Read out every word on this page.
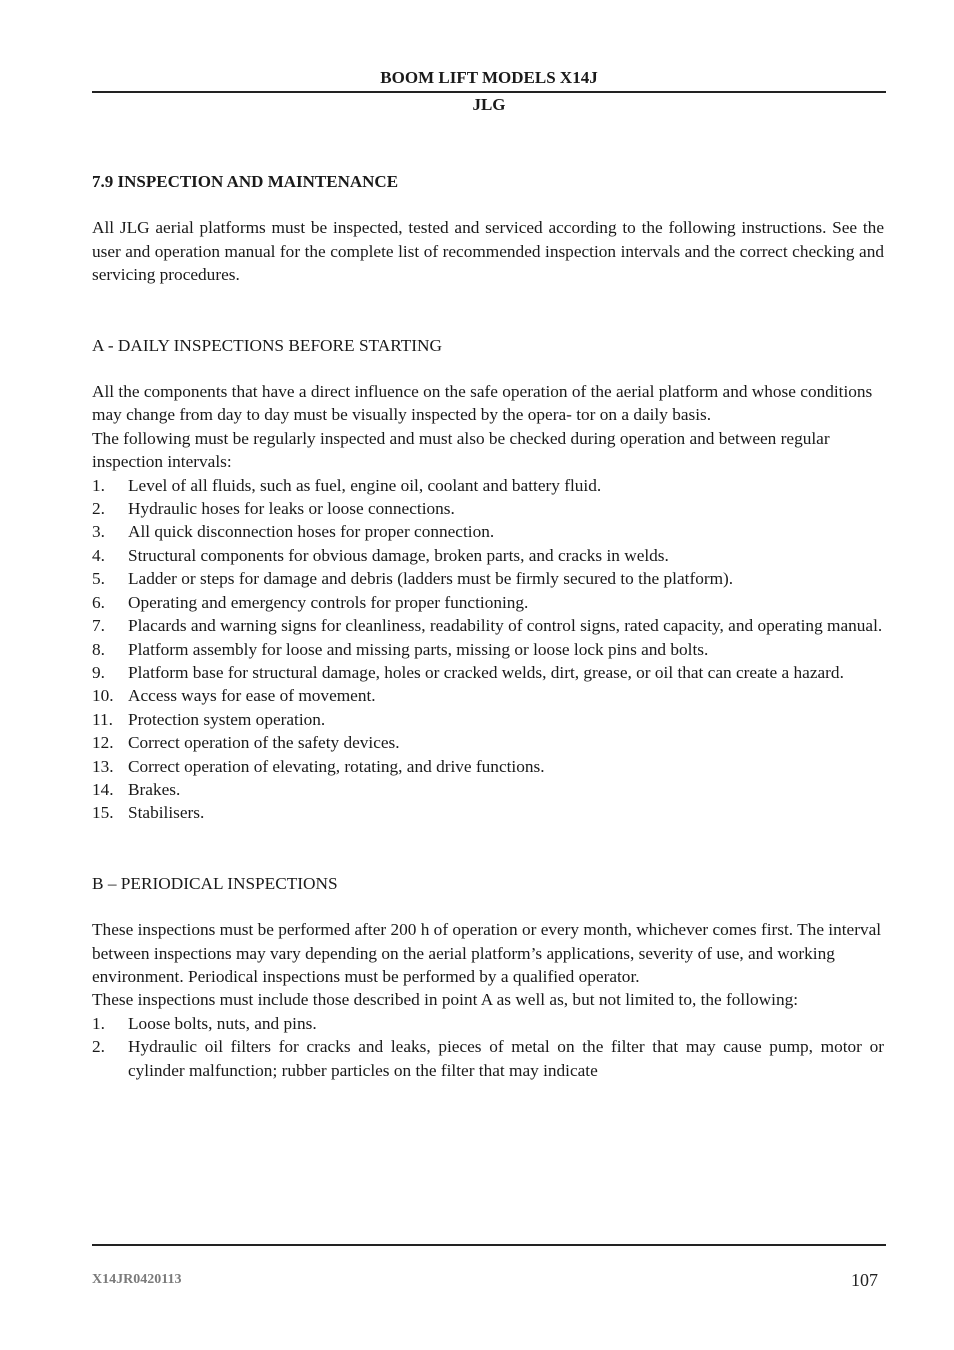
BOOM LIFT MODELS X14J
JLG
7.9 INSPECTION AND MAINTENANCE

All JLG aerial platforms must be inspected, tested and serviced according to the following instructions. See the user and operation manual for the complete list of recommended inspection intervals and the correct checking and servicing procedures.

A - DAILY INSPECTIONS BEFORE STARTING

All the components that have a direct influence on the safe operation of the aerial platform and whose conditions may change from day to day must be visually inspected by the opera- tor on a daily basis.

The following must be regularly inspected and must also be checked during operation and between regular inspection intervals:

1. Level of all fluids, such as fuel, engine oil, coolant and battery fluid.
2. Hydraulic hoses for leaks or loose connections.
3. All quick disconnection hoses for proper connection.
4. Structural components for obvious damage, broken parts, and cracks in welds.
5. Ladder or steps for damage and debris (ladders must be firmly secured to the platform).
6. Operating and emergency controls for proper functioning.
7. Placards and warning signs for cleanliness, readability of control signs, rated capacity, and operating manual.
8. Platform assembly for loose and missing parts, missing or loose lock pins and bolts.
9. Platform base for structural damage, holes or cracked welds, dirt, grease, or oil that can create a hazard.
10. Access ways for ease of movement.
11. Protection system operation.
12. Correct operation of the safety devices.
13. Correct operation of elevating, rotating, and drive functions.
14. Brakes.
15. Stabilisers.
B – PERIODICAL INSPECTIONS

These inspections must be performed after 200 h of operation or every month, whichever comes first. The interval between inspections may vary depending on the aerial platform’s applications, severity of use, and working environment. Periodical inspections must be performed by a qualified operator.

These inspections must include those described in point A as well as, but not limited to, the following:

1. Loose bolts, nuts, and pins.
2. Hydraulic oil filters for cracks and leaks, pieces of metal on the filter that may cause pump, motor or cylinder malfunction; rubber particles on the filter that may indicate
X14JR0420113	107
